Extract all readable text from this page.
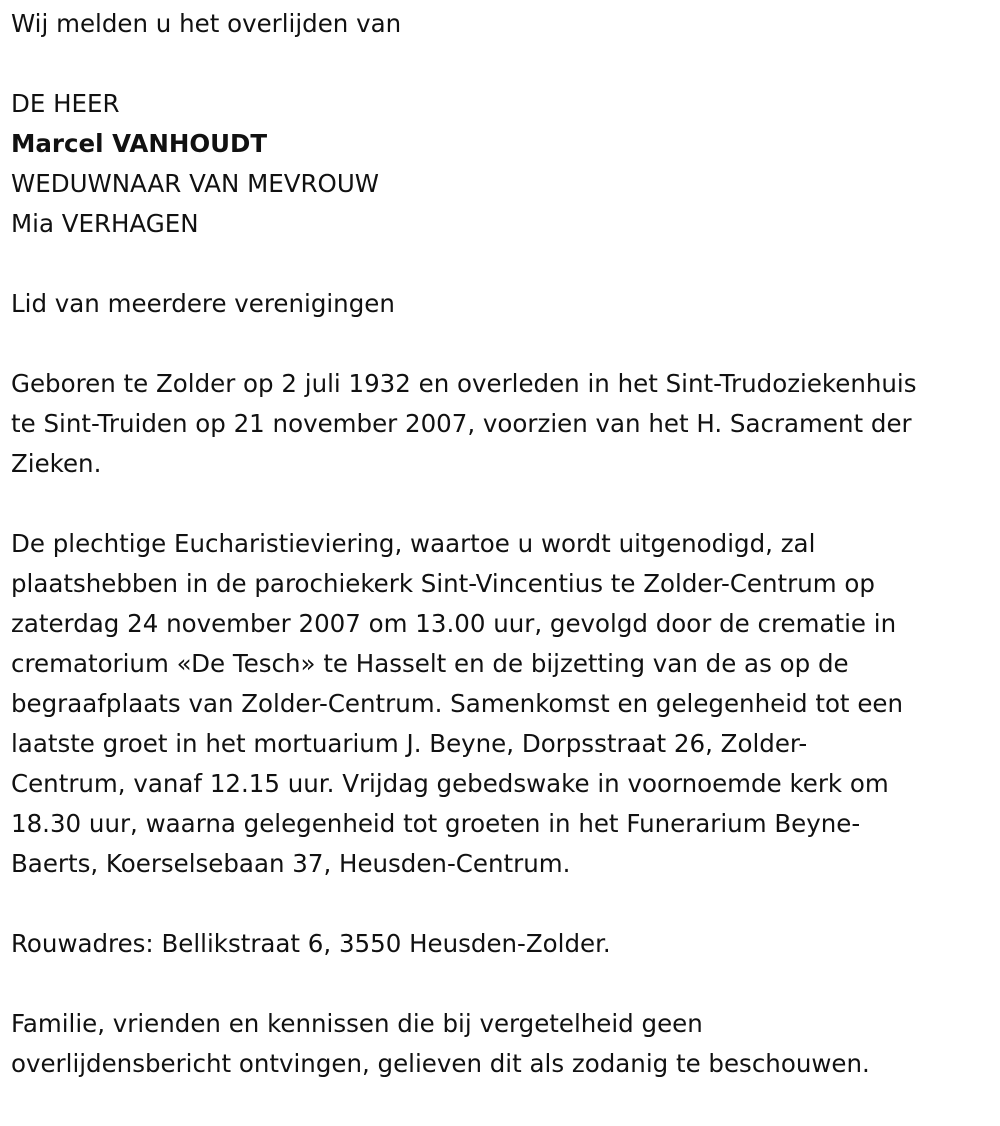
Wij melden u het overlijden van

DE HEER

Marcel VANHOUDT

WEDUWNAAR VAN MEVROUW

Mia VERHAGEN

Lid van meerdere verenigingen

Geboren te Zolder op 2 juli 1932 en overleden in het Sint-Trudoziekenhuis

te Sint-Truiden op 21 november 2007, voorzien van het H. Sacrament der

Zieken.

De plechtige Eucharistieviering, waartoe u wordt uitgenodigd, zal

plaatshebben in de parochiekerk Sint-Vincentius te Zolder-Centrum op

zaterdag 24 november 2007 om 13.00 uur, gevolgd door de crematie in

crematorium «De Tesch» te Hasselt en de bijzetting van de as op de

begraafplaats van Zolder-Centrum. Samenkomst en gelegenheid tot een

laatste groet in het mortuarium J. Beyne, Dorpsstraat 26, Zolder-

Centrum, vanaf 12.15 uur. Vrijdag gebedswake in voornoemde kerk om

18.30 uur, waarna gelegenheid tot groeten in het Funerarium Beyne-

Baerts, Koerselsebaan 37, Heusden-Centrum.

Rouwadres: Bellikstraat 6, 3550 Heusden-Zolder.

Familie, vrienden en kennissen die bij vergetelheid geen

overlijdensbericht ontvingen, gelieven dit als zodanig te beschouwen.
